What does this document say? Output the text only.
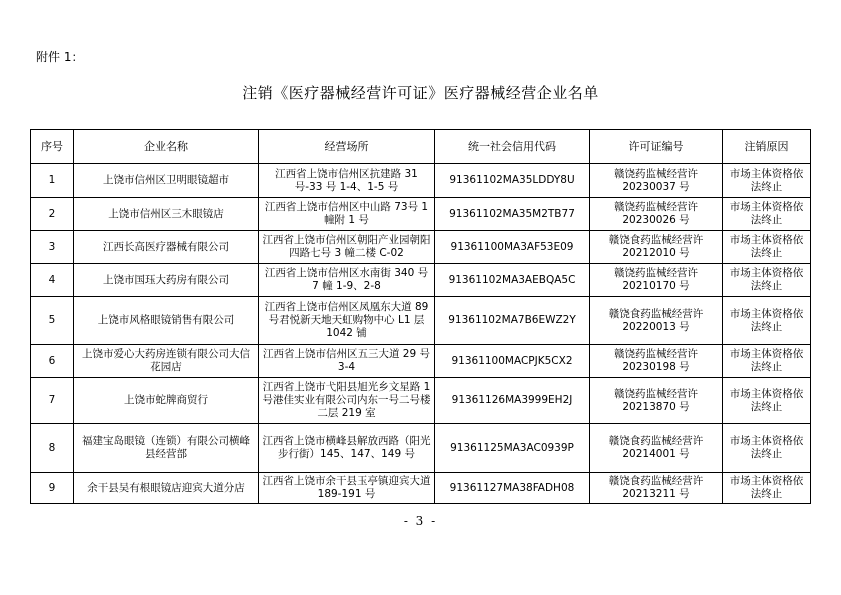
附件 1：
注销《医疗器械经营许可证》医疗器械经营企业名单
序号	企业名称	经营场所	统一社会信用代码	许可证编号	注销原因
1	上饶市信州区卫明眼镜超市	江西省上饶市信州区抗建路 31号-33 号 1-4、1-5 号	91361102MA35LDDY8U	赣饶药监械经营许 20230037 号	市场主体资格依法终止
2	上饶市信州区三木眼镜店	江西省上饶市信州区中山路 73号 1 幢附 1 号	91361102MA35M2TB77	赣饶药监械经营许 20230026 号	市场主体资格依法终止
3	江西长高医疗器械有限公司	江西省上饶市信州区朝阳产业园朝阳四路七号 3 幢二楼 C-02	91361100MA3AF53E09	赣饶食药监械经营许 20212010 号	市场主体资格依法终止
4	上饶市国珏大药房有限公司	江西省上饶市信州区水南街 340 号 7 幢 1-9、2-8	91361102MA3AEBQA5C	赣饶药监械经营许 20210170 号	市场主体资格依法终止
5	上饶市风格眼镜销售有限公司	江西省上饶市信州区凤凰东大道 89 号君悦新天地天虹购物中心 L1 层 1042 铺	91361102MA7B6EWZ2Y	赣饶食药监械经营许 20220013 号	市场主体资格依法终止
6	上饶市爱心大药房连锁有限公司大信花园店	江西省上饶市信州区五三大道 29 号 3-4	91361100MACPJK5CX2	赣饶药监械经营许 20230198 号	市场主体资格依法终止
7	上饶市蛇牌商贸行	江西省上饶市弋阳县旭光乡文星路 1 号港佳实业有限公司内东一号二号楼二层 219 室	91361126MA3999EH2J	赣饶药监械经营许 20213870 号	市场主体资格依法终止
8	福建宝岛眼镜（连锁）有限公司横峰县经营部	江西省上饶市横峰县解放西路（阳光步行街）145、147、149 号	91361125MA3AC0939P	赣饶食药监械经营许 20214001 号	市场主体资格依法终止
9	余干县吴有根眼镜店迎宾大道分店	江西省上饶市余干县玉亭镇迎宾大道 189-191 号	91361127MA38FADH08	赣饶食药监械经营许 20213211 号	市场主体资格依法终止
- 3 -
